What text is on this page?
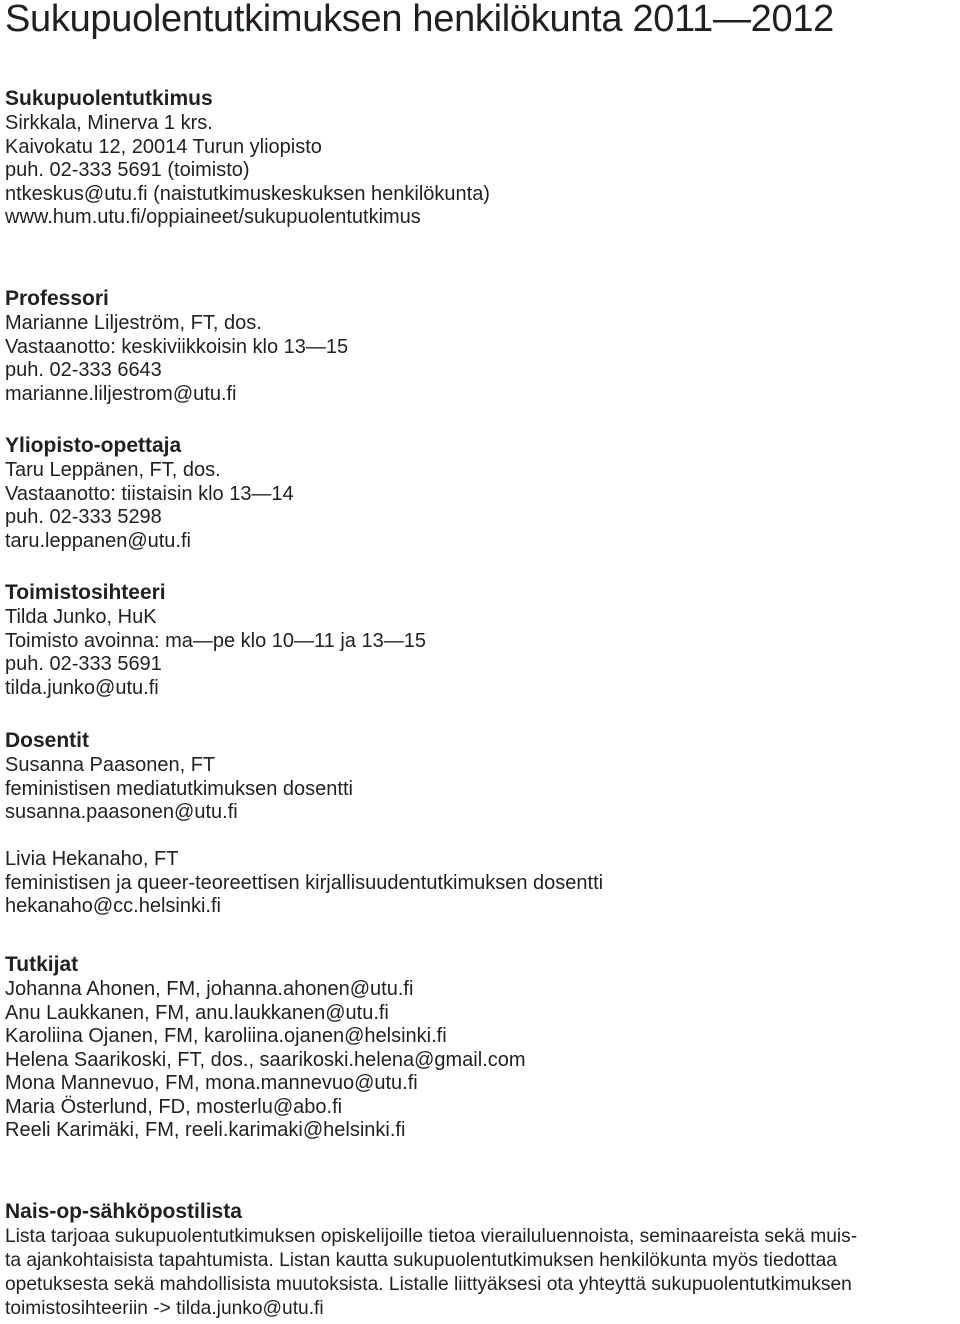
Sukupuolentutkimuksen henkilökunta 2011—2012
Sukupuolentutkimus
Sirkkala, Minerva 1 krs.
Kaivokatu 12, 20014 Turun yliopisto
puh. 02-333 5691 (toimisto)
ntkeskus@utu.fi (naistutkimuskeskuksen henkilökunta)
www.hum.utu.fi/oppiaineet/sukupuolentutkimus
Professori
Marianne Liljeström, FT, dos.
Vastaanotto: keskiviikkoisin klo 13—15
puh. 02-333 6643
marianne.liljestrom@utu.fi
Yliopisto-opettaja
Taru Leppänen, FT, dos.
Vastaanotto: tiistaisin klo 13—14
puh. 02-333 5298
taru.leppanen@utu.fi
Toimistosihteeri
Tilda Junko, HuK
Toimisto avoinna: ma—pe klo 10—11 ja 13—15
puh. 02-333 5691
tilda.junko@utu.fi
Dosentit
Susanna Paasonen, FT
feministisen mediatutkimuksen dosentti
susanna.paasonen@utu.fi
Livia Hekanaho, FT
feministisen ja queer-teoreettisen kirjallisuudentutkimuksen dosentti
hekanaho@cc.helsinki.fi
Tutkijat
Johanna Ahonen, FM, johanna.ahonen@utu.fi
Anu Laukkanen, FM, anu.laukkanen@utu.fi
Karoliina Ojanen, FM, karoliina.ojanen@helsinki.fi
Helena Saarikoski, FT, dos., saarikoski.helena@gmail.com
Mona Mannevuo, FM, mona.mannevuo@utu.fi
Maria Österlund, FD, mosterlu@abo.fi
Reeli Karimäki, FM, reeli.karimaki@helsinki.fi
Nais-op-sähköpostilista
Lista tarjoaa sukupuolentutkimuksen opiskelijoille tietoa vierailuluennoista, seminaareista sekä muis-
ta ajankohtaisista tapahtumista. Listan kautta sukupuolentutkimuksen henkilökunta myös tiedottaa
opetuksesta sekä mahdollisista muutoksista. Listalle liittyäksesi ota yhteyttä sukupuolentutkimuksen
toimistosihteeriin -> tilda.junko@utu.fi
